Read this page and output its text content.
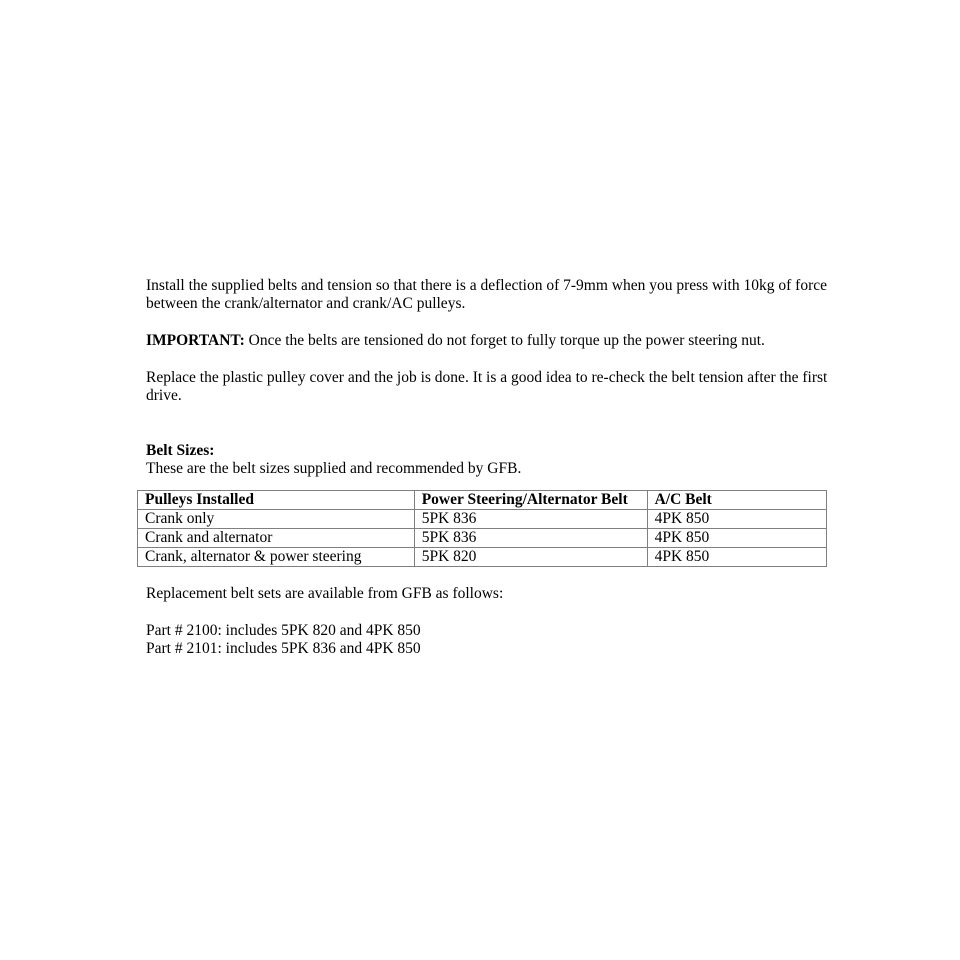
Install the supplied belts and tension so that there is a deflection of 7-9mm when you press with 10kg of force between the crank/alternator and crank/AC pulleys.

IMPORTANT: Once the belts are tensioned do not forget to fully torque up the power steering nut.

Replace the plastic pulley cover and the job is done. It is a good idea to re-check the belt tension after the first drive.

Belt Sizes:

These are the belt sizes supplied and recommended by GFB.

Pulleys Installed	Power Steering/Alternator Belt	A/C Belt
Crank only	5PK 836	4PK 850
Crank and alternator	5PK 836	4PK 850
Crank, alternator & power steering	5PK 820	4PK 850

Replacement belt sets are available from GFB as follows:

Part # 2100: includes 5PK 820 and 4PK 850

Part # 2101: includes 5PK 836 and 4PK 850
